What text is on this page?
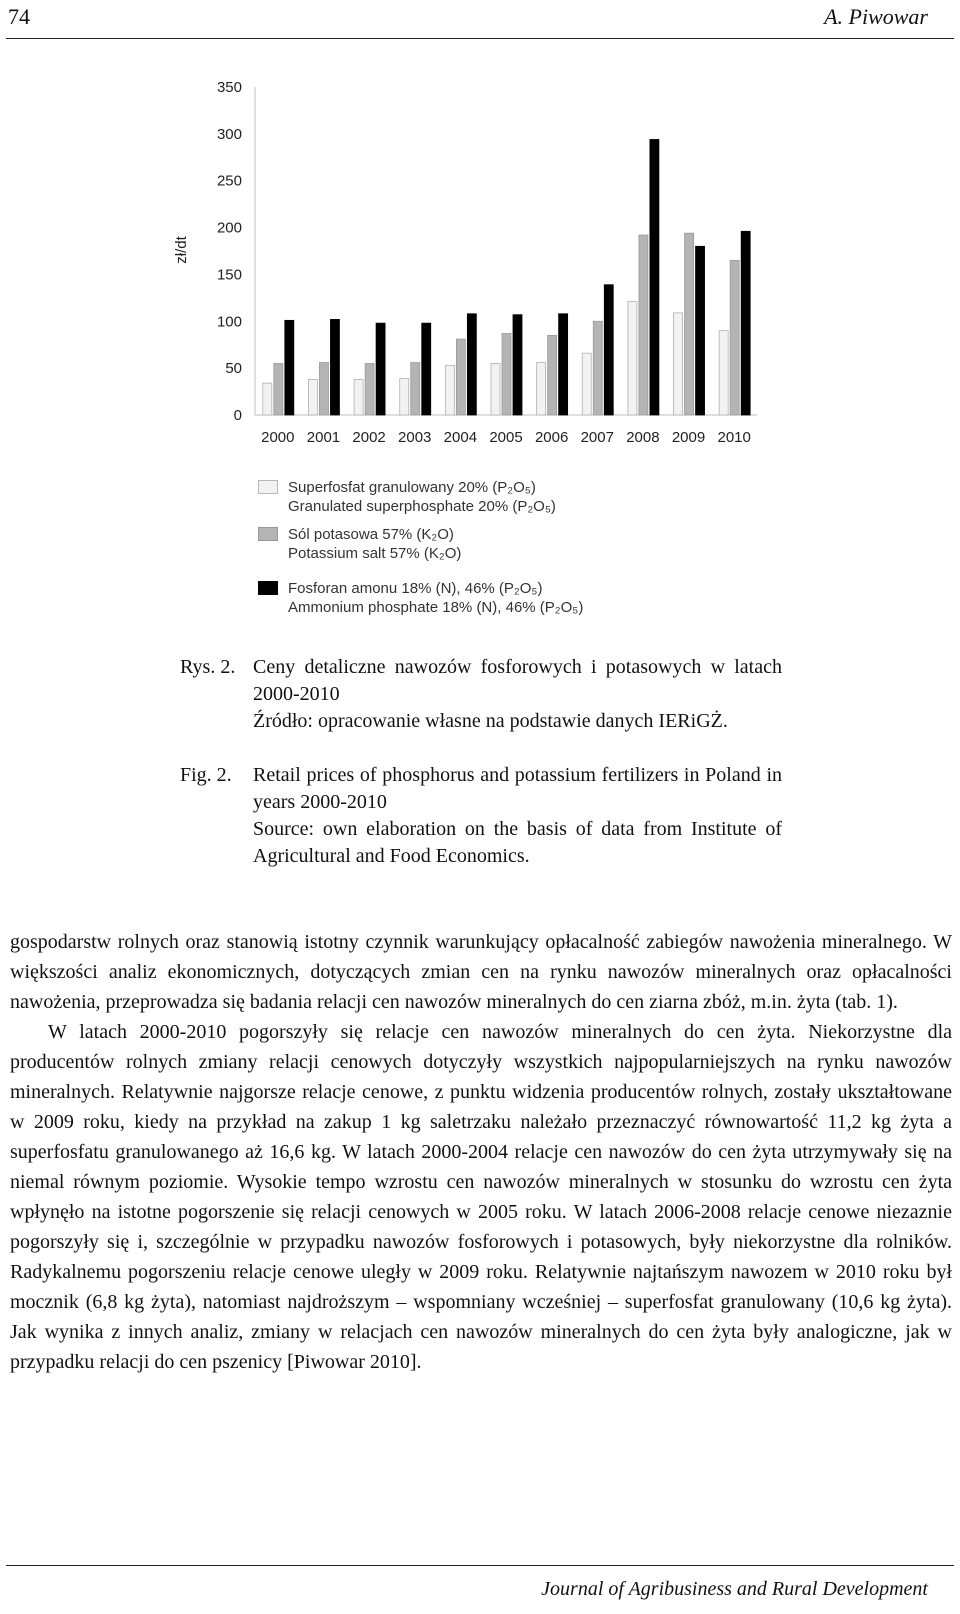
74	A. Piwowar
zł/dt
0
50
100
150
200
250
300
350
2000 2001 2002 2003 2004 2005 2006 2007 2008 2009 2010
Superfosfat granulowany 20% (P₂O₅)
Granulated superphosphate 20% (P₂O₅)
Sól potasowa 57% (K₂O)
Potassium salt 57% (K₂O)
Fosforan amonu 18% (N), 46% (P₂O₅)
Ammonium phosphate 18% (N), 46% (P₂O₅)
Rys. 2. Ceny detaliczne nawozów fosforowych i potasowych w latach 2000-2010
Źródło: opracowanie własne na podstawie danych IERiGŻ.
Fig. 2. Retail prices of phosphorus and potassium fertilizers in Poland in years 2000-2010
Source: own elaboration on the basis of data from Institute of Agricultural and Food Economics.

gospodarstw rolnych oraz stanowią istotny czynnik warunkujący opłacalność zabiegów nawożenia mineralnego. W większości analiz ekonomicznych, dotyczących zmian cen na rynku nawozów mineralnych oraz opłacalności nawożenia, przeprowadza się badania relacji cen nawozów mineralnych do cen ziarna zbóż, m.in. żyta (tab. 1).

W latach 2000-2010 pogorszyły się relacje cen nawozów mineralnych do cen żyta. Niekorzystne dla producentów rolnych zmiany relacji cenowych dotyczyły wszystkich najpopularniejszych na rynku nawozów mineralnych. Relatywnie najgorsze relacje cenowe, z punktu widzenia producentów rolnych, zostały ukształtowane w 2009 roku, kiedy na przykład na zakup 1 kg saletrzaku należało przeznaczyć równowartość 11,2 kg żyta a superfosfatu granulowanego aż 16,6 kg. W latach 2000-2004 relacje cen nawozów do cen żyta utrzymywały się na niemal równym poziomie. Wysokie tempo wzrostu cen nawozów mineralnych w stosunku do wzrostu cen żyta wpłynęło na istotne pogorszenie się relacji cenowych w 2005 roku. W latach 2006-2008 relacje cenowe niezaznie pogorszyły się i, szczególnie w przypadku nawozów fosforowych i potasowych, były niekorzystne dla rolników. Radykalnemu pogorszeniu relacje cenowe uległy w 2009 roku. Relatywnie najtańszym nawozem w 2010 roku był mocznik (6,8 kg żyta), natomiast najdroższym – wspomniany wcześniej – superfosfat granulowany (10,6 kg żyta). Jak wynika z innych analiz, zmiany w relacjach cen nawozów mineralnych do cen żyta były analogiczne, jak w przypadku relacji do cen pszenicy [Piwowar 2010].

Journal of Agribusiness and Rural Development
